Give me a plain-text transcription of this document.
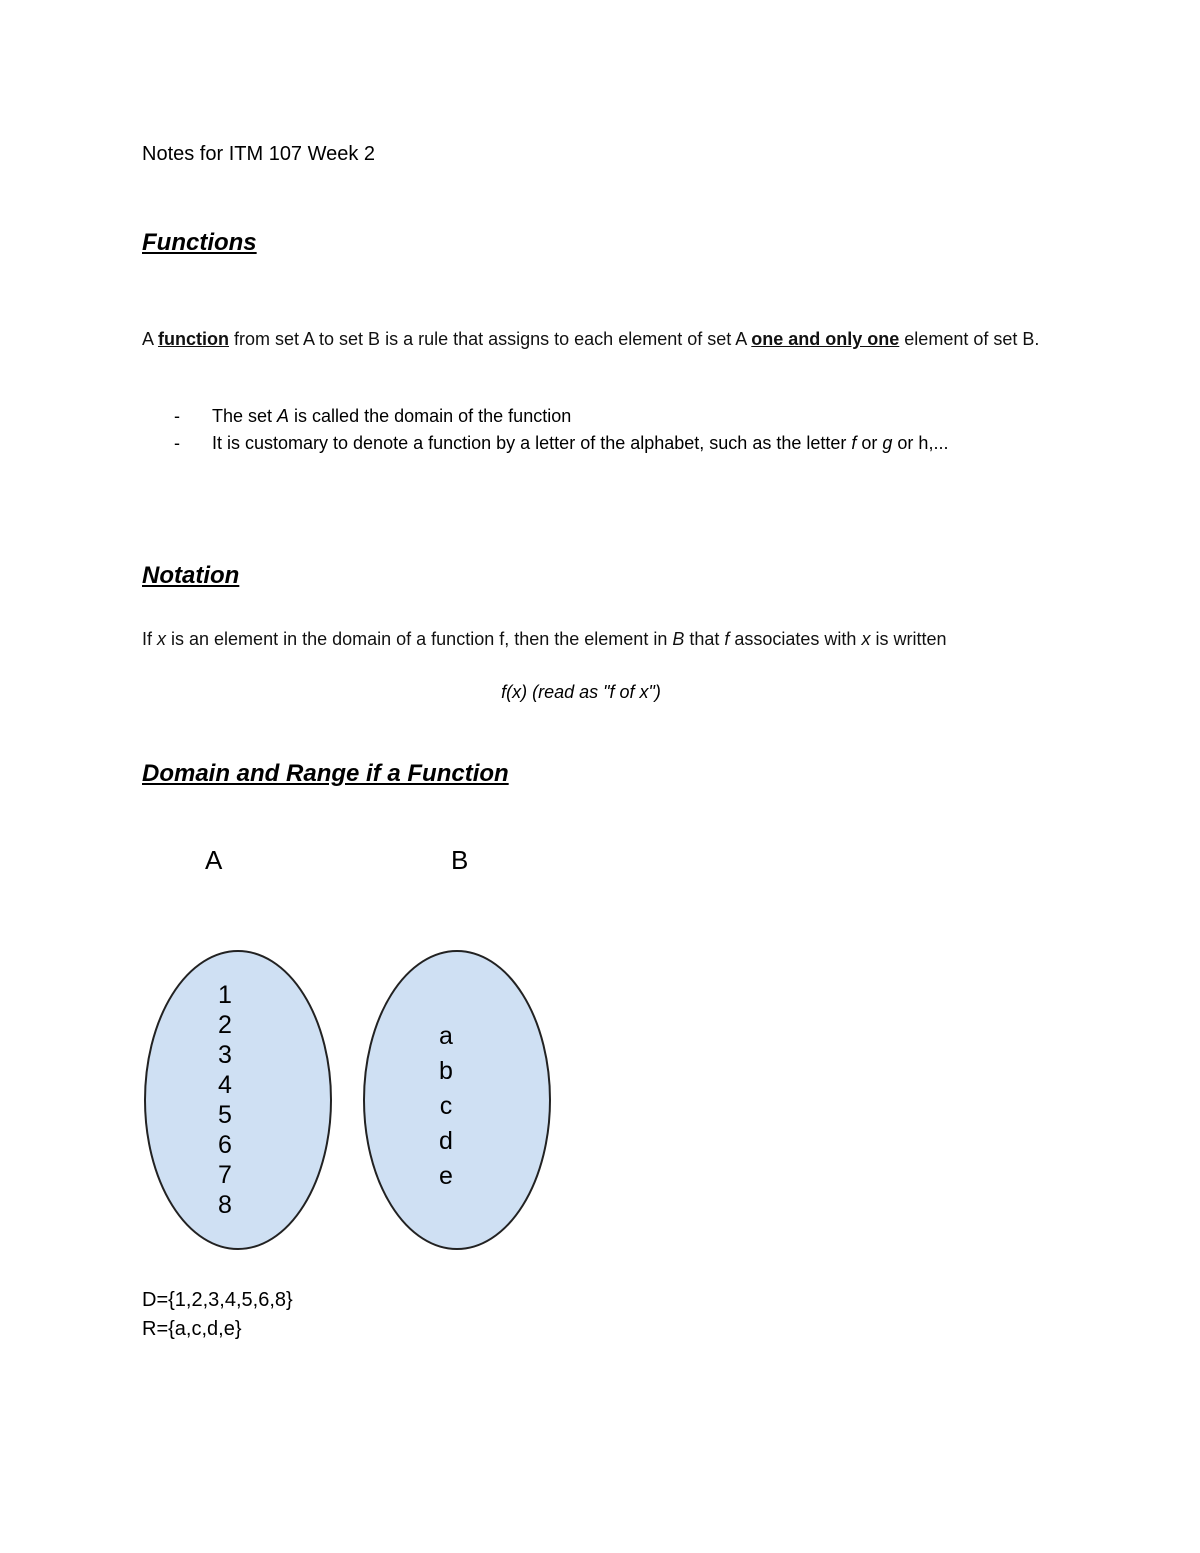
Notes for ITM 107 Week 2
Functions
A function from set A to set B is a rule that assigns to each element of set A one and only one element of set B.
- The set A is called the domain of the function
- It is customary to denote a function by a letter of the alphabet, such as the letter f or g or h,...
Notation
If x is an element in the domain of a function f, then the element in B that f associates with x is written
f(x) (read as "f of x")
Domain and Range if a Function
A	B
1
2
3
4
5
6
7
8
a
b
c
d
e
D={1,2,3,4,5,6,8}
R={a,c,d,e}
